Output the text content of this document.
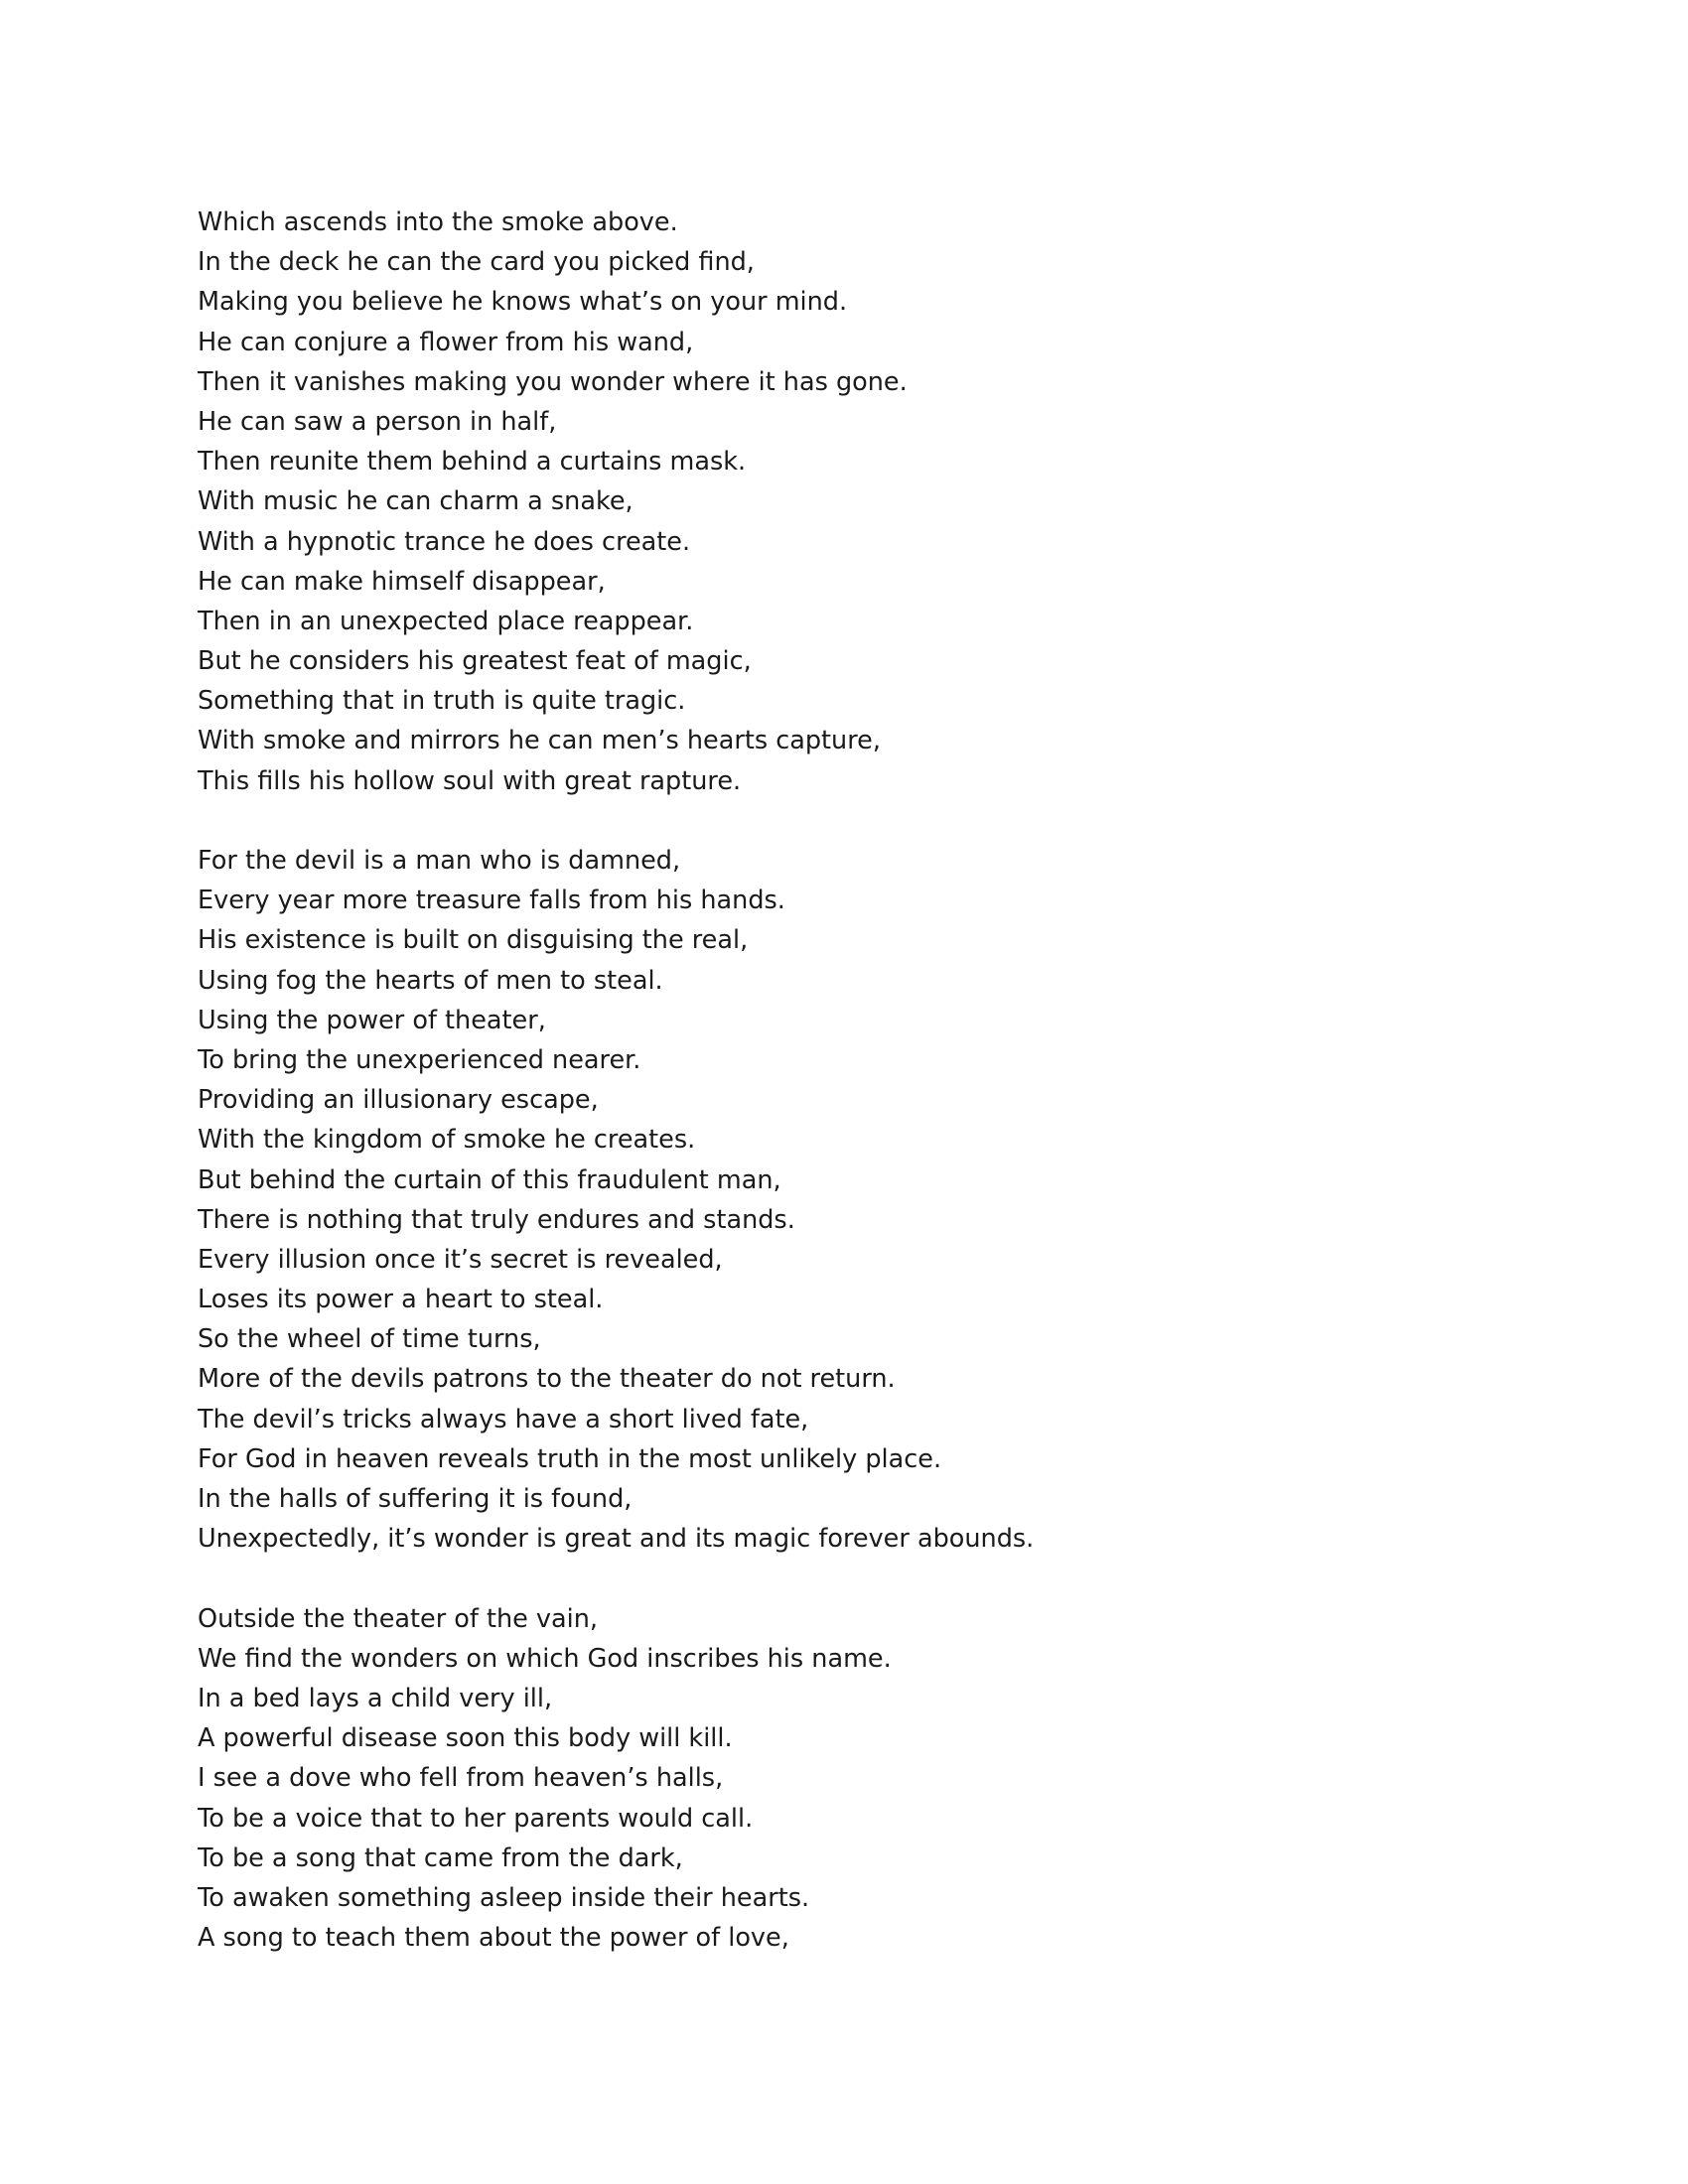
Which ascends into the smoke above.
In the deck he can the card you picked find,
Making you believe he knows what’s on your mind.
He can conjure a flower from his wand,
Then it vanishes making you wonder where it has gone.
He can saw a person in half,
Then reunite them behind a curtains mask.
With music he can charm a snake,
With a hypnotic trance he does create.
He can make himself disappear,
Then in an unexpected place reappear.
But he considers his greatest feat of magic,
Something that in truth is quite tragic.
With smoke and mirrors he can men’s hearts capture,
This fills his hollow soul with great rapture.
For the devil is a man who is damned,
Every year more treasure falls from his hands.
His existence is built on disguising the real,
Using fog the hearts of men to steal.
Using the power of theater,
To bring the unexperienced nearer.
Providing an illusionary escape,
With the kingdom of smoke he creates.
But behind the curtain of this fraudulent man,
There is nothing that truly endures and stands.
Every illusion once it’s secret is revealed,
Loses its power a heart to steal.
So the wheel of time turns,
More of the devils patrons to the theater do not return.
The devil’s tricks always have a short lived fate,
For God in heaven reveals truth in the most unlikely place.
In the halls of suffering it is found,
Unexpectedly, it’s wonder is great and its magic forever abounds.
Outside the theater of the vain,
We find the wonders on which God inscribes his name.
In a bed lays a child very ill,
A powerful disease soon this body will kill.
I see a dove who fell from heaven’s halls,
To be a voice that to her parents would call.
To be a song that came from the dark,
To awaken something asleep inside their hearts.
A song to teach them about the power of love,
